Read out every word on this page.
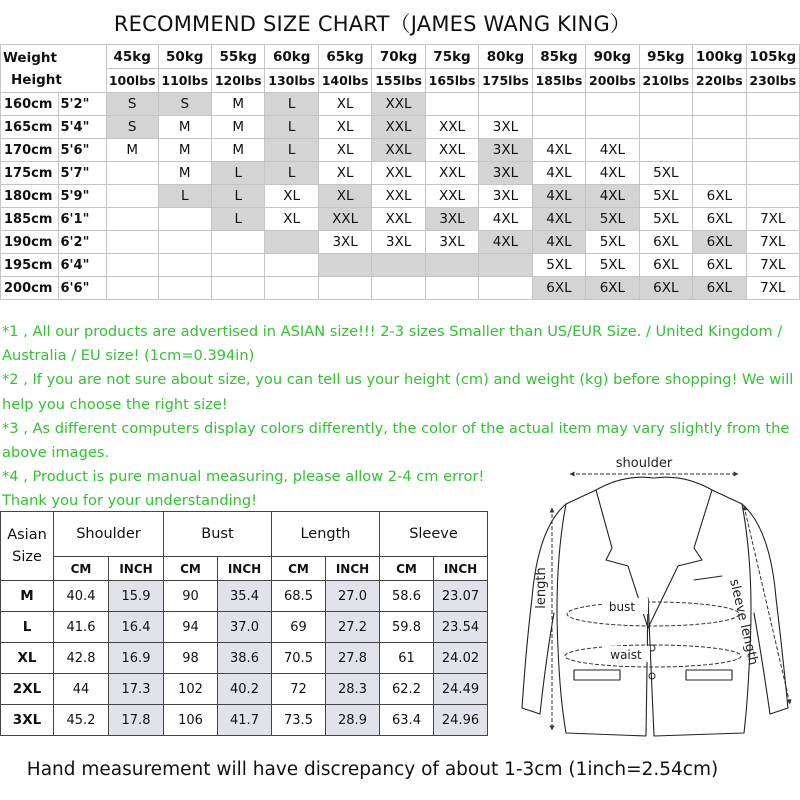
RECOMMEND SIZE CHART（JAMES WANG KING）
Weight
Height		45kg	50kg	55kg	60kg	65kg	70kg	75kg	80kg	85kg	90kg	95kg	100kg	105kg
		100lbs	110lbs	120lbs	130lbs	140lbs	155lbs	165lbs	175lbs	185lbs	200lbs	210lbs	220lbs	230lbs
160cm	5'2"	S	S	M	L	XL	XXL							
165cm	5'4"	S	M	M	L	XL	XXL	XXL	3XL					
170cm	5'6"	M	M	M	L	XL	XXL	XXL	3XL	4XL	4XL			
175cm	5'7"		M	L	L	XL	XXL	XXL	3XL	4XL	4XL	5XL		
180cm	5'9"		L	L	XL	XL	XXL	XXL	3XL	4XL	4XL	5XL	6XL	
185cm	6'1"			L	XL	XXL	XXL	3XL	4XL	4XL	5XL	5XL	6XL	7XL
190cm	6'2"					3XL	3XL	3XL	4XL	4XL	5XL	6XL	6XL	7XL
195cm	6'4"									5XL	5XL	6XL	6XL	7XL
200cm	6'6"									6XL	6XL	6XL	6XL	7XL

*1 , All our products are advertised in ASIAN size!!! 2-3 sizes Smaller than US/EUR Size. / United Kingdom / Australia / EU size! (1cm=0.394in)

*2 , If you are not sure about size, you can tell us your height (cm) and weight (kg) before shopping! We will help you choose the right size!

*3 , As different computers display colors differently, the color of the actual item may vary slightly from the above images.

*4 , Product is pure manual measuring, please allow 2-4 cm error!

Thank you for your understanding!

Asian
Size	Shoulder		Bust		Length		Sleeve	
	CM	INCH	CM	INCH	CM	INCH	CM	INCH
M	40.4	15.9	90	35.4	68.5	27.0	58.6	23.07
L	41.6	16.4	94	37.0	69	27.2	59.8	23.54
XL	42.8	16.9	98	38.6	70.5	27.8	61	24.02
2XL	44	17.3	102	40.2	72	28.3	62.2	24.49
3XL	45.2	17.8	106	41.7	73.5	28.9	63.4	24.96
shoulder
length	sleeve length
bust
waist
Hand measurement will have discrepancy of about 1-3cm (1inch=2.54cm)
